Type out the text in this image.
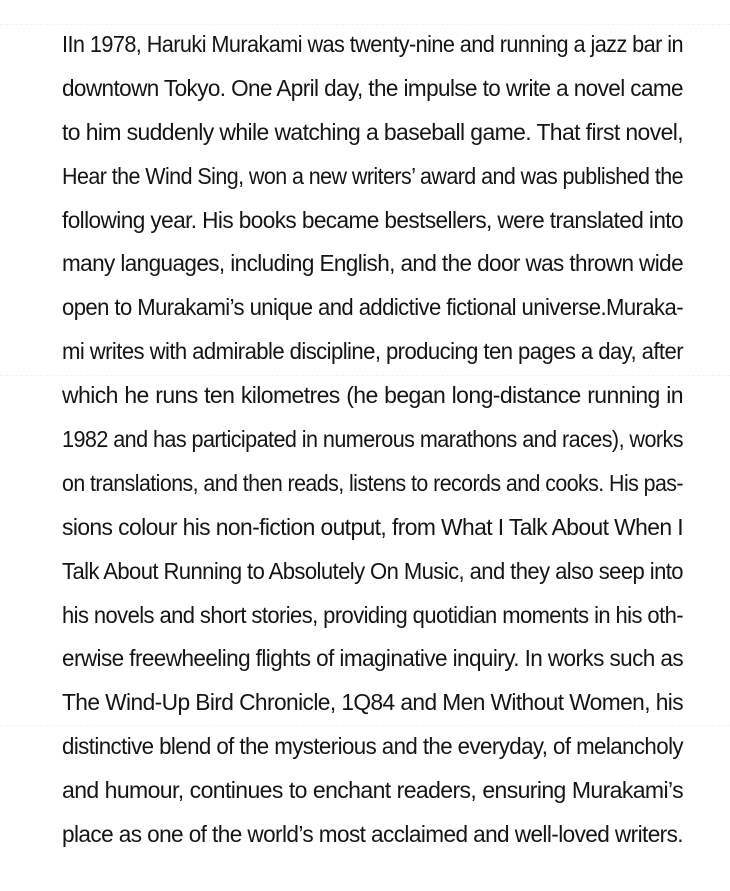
IIn 1978, Haruki Murakami was twenty-nine and running a jazz bar in
downtown Tokyo. One April day, the impulse to write a novel came
to him suddenly while watching a baseball game. That first novel,
Hear the Wind Sing, won a new writers’ award and was published the
following year. His books became bestsellers, were translated into
many languages, including English, and the door was thrown wide
open to Murakami’s unique and addictive fictional universe.Muraka-
mi writes with admirable discipline, producing ten pages a day, after
which he runs ten kilometres (he began long-distance running in
1982 and has participated in numerous marathons and races), works
on translations, and then reads, listens to records and cooks. His pas-
sions colour his non-fiction output, from What I Talk About When I
Talk About Running to Absolutely On Music, and they also seep into
his novels and short stories, providing quotidian moments in his oth-
erwise freewheeling flights of imaginative inquiry. In works such as
The Wind-Up Bird Chronicle, 1Q84 and Men Without Women, his
distinctive blend of the mysterious and the everyday, of melancholy
and humour, continues to enchant readers, ensuring Murakami’s
place as one of the world’s most acclaimed and well-loved writers.
